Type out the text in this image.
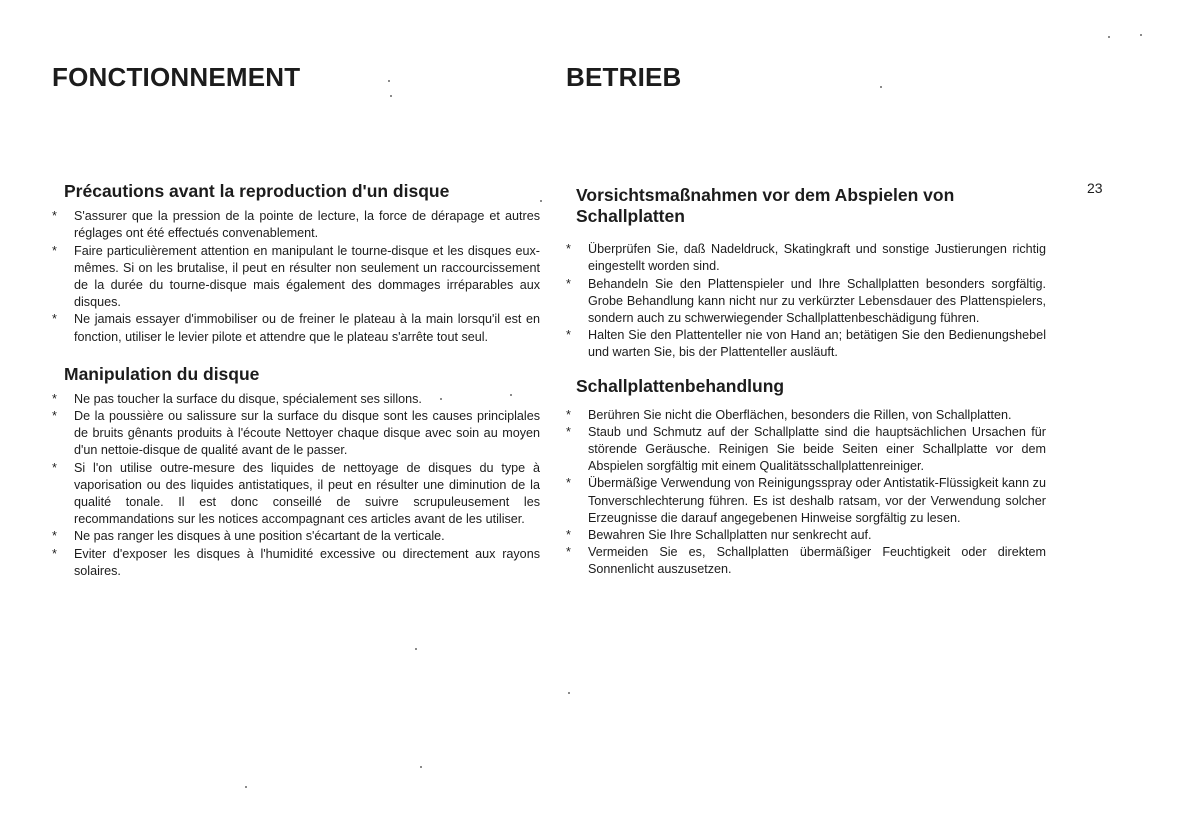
FONCTIONNEMENT
Précautions avant la reproduction d'un disque
* S'assurer que la pression de la pointe de lecture, la force de dérapage et autres réglages ont été effectués convenablement.
* Faire particulièrement attention en manipulant le tourne-disque et les disques eux-mêmes. Si on les brutalise, il peut en résulter non seulement un raccourcissement de la durée du tourne-disque mais également des dommages irréparables aux disques.
* Ne jamais essayer d'immobiliser ou de freiner le plateau à la main lorsqu'il est en fonction, utiliser le levier pilote et attendre que le plateau s'arrête tout seul.
Manipulation du disque
* Ne pas toucher la surface du disque, spécialement ses sillons.
* De la poussière ou salissure sur la surface du disque sont les causes principlales de bruits gênants produits à l'écoute Nettoyer chaque disque avec soin au moyen d'un nettoie-disque de qualité avant de le passer.
* Si l'on utilise outre-mesure des liquides de nettoyage de disques du type à vaporisation ou des liquides antistatiques, il peut en résulter une diminution de la qualité tonale. Il est donc conseillé de suivre scrupuleusement les recommandations sur les notices accompagnant ces articles avant de les utiliser.
* Ne pas ranger les disques à une position s'écartant de la verticale.
* Eviter d'exposer les disques à l'humidité excessive ou directement aux rayons solaires.
BETRIEB
Vorsichtsmaßnahmen vor dem Abspielen von Schallplatten
* Überprüfen Sie, daß Nadeldruck, Skatingkraft und sonstige Justierungen richtig eingestellt worden sind.
* Behandeln Sie den Plattenspieler und Ihre Schallplatten besonders sorgfältig. Grobe Behandlung kann nicht nur zu verkürzter Lebensdauer des Plattenspielers, sondern auch zu schwerwiegender Schallplattenbeschädigung führen.
* Halten Sie den Plattenteller nie von Hand an; betätigen Sie den Bedienungshebel und warten Sie, bis der Plattenteller ausläuft.
Schallplattenbehandlung
* Berühren Sie nicht die Oberflächen, besonders die Rillen, von Schallplatten.
* Staub und Schmutz auf der Schallplatte sind die hauptsächlichen Ursachen für störende Geräusche. Reinigen Sie beide Seiten einer Schallplatte vor dem Abspielen sorgfältig mit einem Qualitätsschallplattenreiniger.
* Übermäßige Verwendung von Reinigungsspray oder Antistatik-Flüssigkeit kann zu Tonverschlechterung führen. Es ist deshalb ratsam, vor der Verwendung solcher Erzeugnisse die darauf angegebenen Hinweise sorgfältig zu lesen.
* Bewahren Sie Ihre Schallplatten nur senkrecht auf.
* Vermeiden Sie es, Schallplatten übermäßiger Feuchtigkeit oder direktem Sonnenlicht auszusetzen.
23
